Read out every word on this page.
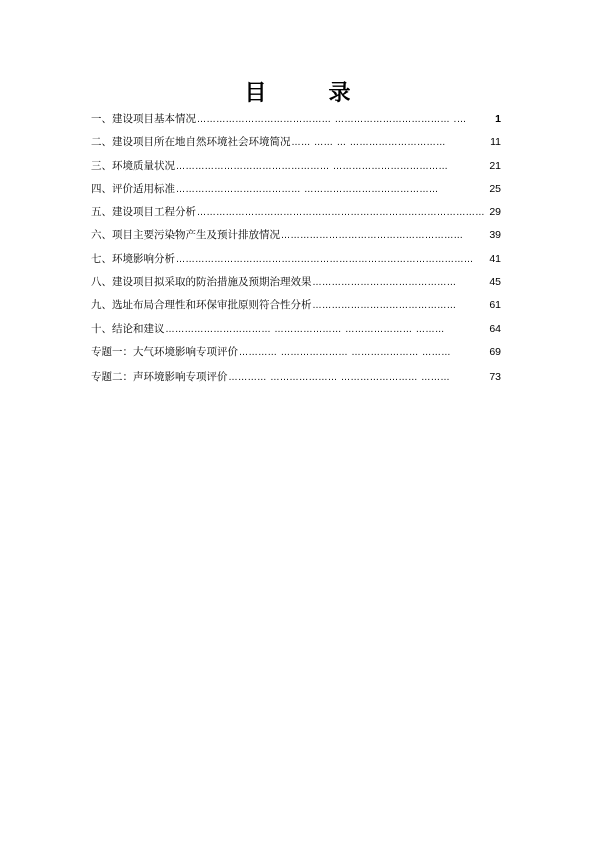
目　录
一、建设项目基本情况 …………………………………… ……………………………… .…	1
二、建设项目所在地自然环境社会环境简况 …… …… … …………………………	11
三、环境质量状况 ………………………………………… ………………………………	21
四、评价适用标准 ………………………………… ……………………………………	25
五、建设项目工程分析 ……………………………………………………………………………… 29
六、项目主要污染物产生及预计排放情况 …………………………………………………	39
七、环境影响分析 …………………………………………………………………………………	41
八、建设项目拟采取的防治措施及预期治理效果 ………………………………………	45
九、选址布局合理性和环保审批原则符合性分析 ………………………………………	61
十、结论和建议 …………………………… ………………… ………………… ………	64
专题一：大气环境影响专项评价 ………… ………………… ………………… ………	69
专题二：声环境影响专项评价 ………… ………………… …………………… ………	73
